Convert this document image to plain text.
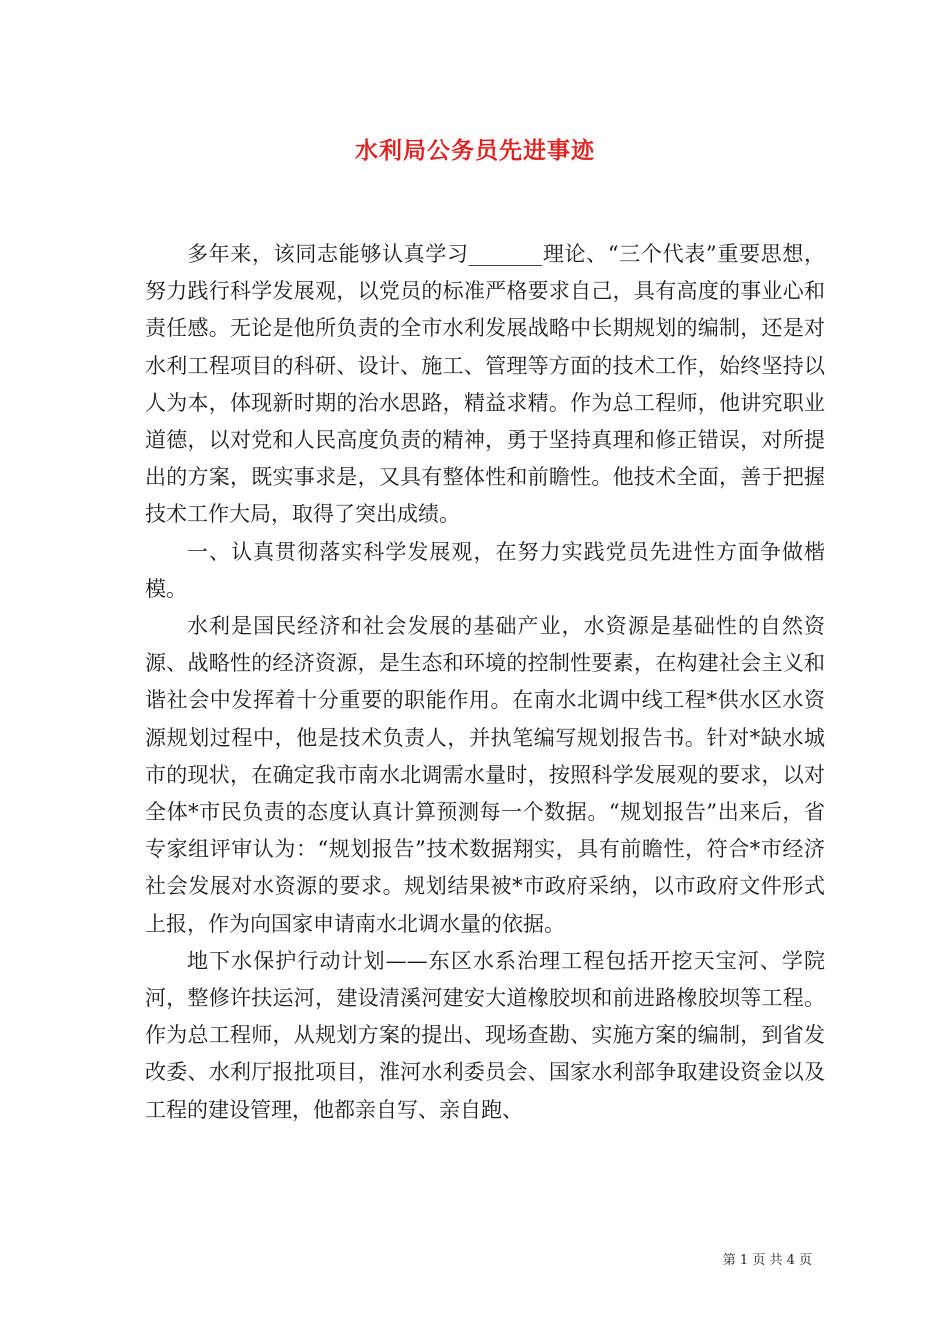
水利局公务员先进事迹

多年来，该同志能够认真学习_______理论、“三个代表”重要思想，努力践行科学发展观，以党员的标准严格要求自己，具有高度的事业心和责任感。无论是他所负责的全市水利发展战略中长期规划的编制，还是对水利工程项目的科研、设计、施工、管理等方面的技术工作，始终坚持以人为本，体现新时期的治水思路，精益求精。作为总工程师，他讲究职业道德，以对党和人民高度负责的精神，勇于坚持真理和修正错误，对所提出的方案，既实事求是，又具有整体性和前瞻性。他技术全面，善于把握技术工作大局，取得了突出成绩。

一、认真贯彻落实科学发展观，在努力实践党员先进性方面争做楷模。

水利是国民经济和社会发展的基础产业，水资源是基础性的自然资源、战略性的经济资源，是生态和环境的控制性要素，在构建社会主义和谐社会中发挥着十分重要的职能作用。在南水北调中线工程*供水区水资源规划过程中，他是技术负责人，并执笔编写规划报告书。针对*缺水城市的现状，在确定我市南水北调需水量时，按照科学发展观的要求，以对全体*市民负责的态度认真计算预测每一个数据。“规划报告”出来后，省专家组评审认为：“规划报告”技术数据翔实，具有前瞻性，符合*市经济社会发展对水资源的要求。规划结果被*市政府采纳，以市政府文件形式上报，作为向国家申请南水北调水量的依据。

地下水保护行动计划——东区水系治理工程包括开挖天宝河、学院河，整修许扶运河，建设清溪河建安大道橡胶坝和前进路橡胶坝等工程。作为总工程师，从规划方案的提出、现场查勘、实施方案的编制，到省发改委、水利厅报批项目，淮河水利委员会、国家水利部争取建设资金以及工程的建设管理，他都亲自写、亲自跑、

第 1 页 共 4 页
